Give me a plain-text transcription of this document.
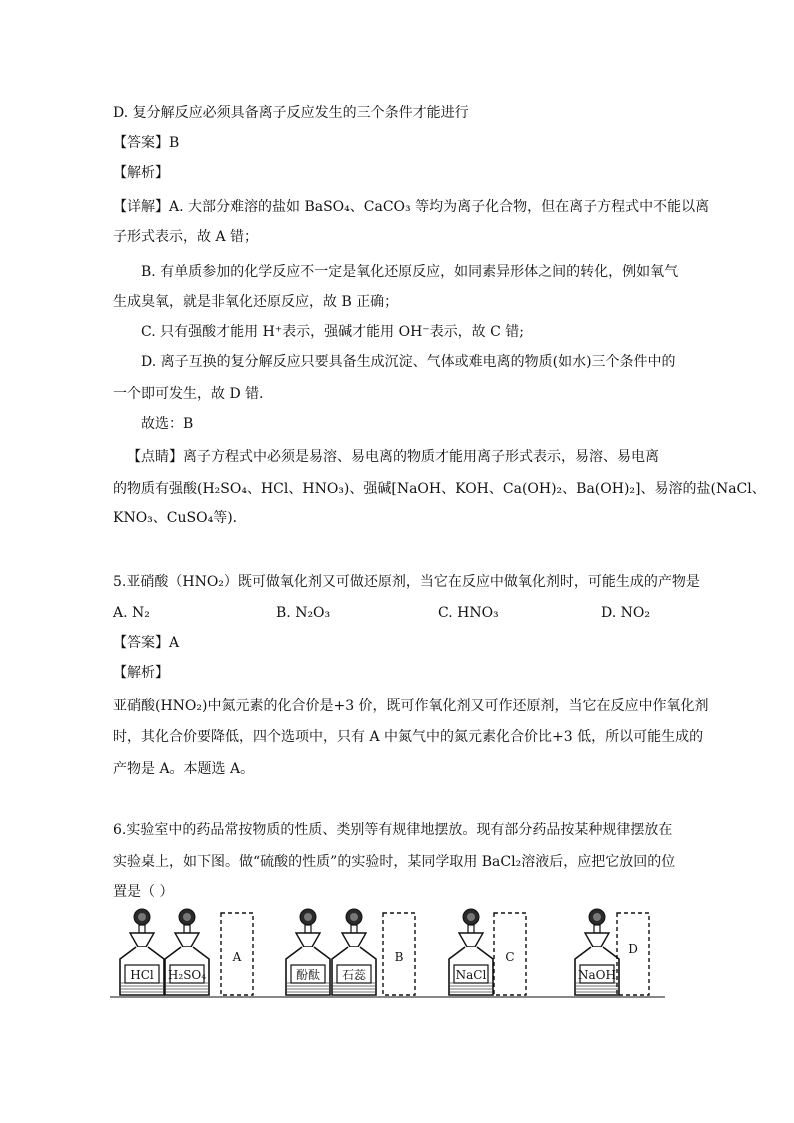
D. 复分解反应必须具备离子反应发生的三个条件才能进行
【答案】B
【解析】
【详解】A. 大部分难溶的盐如 BaSO₄、CaCO₃ 等均为离子化合物，但在离子方程式中不能以离
子形式表示，故 A 错；
B. 有单质参加的化学反应不一定是氧化还原反应，如同素异形体之间的转化，例如氧气
生成臭氧，就是非氧化还原反应，故 B 正确；
C. 只有强酸才能用 H⁺表示，强碱才能用 OH⁻表示，故 C 错;
D. 离子互换的复分解反应只要具备生成沉淀、气体或难电离的物质(如水)三个条件中的
一个即可发生，故 D 错．
故选：B
【点睛】离子方程式中必须是易溶、易电离的物质才能用离子形式表示，易溶、易电离
的物质有强酸(H₂SO₄、HCl、HNO₃)、强碱[NaOH、KOH、Ca(OH)₂、Ba(OH)₂]、易溶的盐(NaCl、
KNO₃、CuSO₄等)．
5.亚硝酸（HNO₂）既可做氧化剂又可做还原剂，当它在反应中做氧化剂时，可能生成的产物是
A. N₂	B. N₂O₃	C. HNO₃	D. NO₂
【答案】A
【解析】
亚硝酸(HNO₂)中氮元素的化合价是+3 价，既可作氧化剂又可作还原剂，当它在反应中作氧化剂
时，其化合价要降低，四个选项中，只有 A 中氮气中的氮元素化合价比+3 低，所以可能生成的
产物是 A。本题选 A。
6.实验室中的药品常按物质的性质、类别等有规律地摆放。现有部分药品按某种规律摆放在
实验桌上，如下图。做“硫酸的性质”的实验时，某同学取用 BaCl₂溶液后，应把它放回的位
置是（ ）
HCl H₂SO₄	酚酞 石蕊	NaCl	NaOH
A	B	C
D
